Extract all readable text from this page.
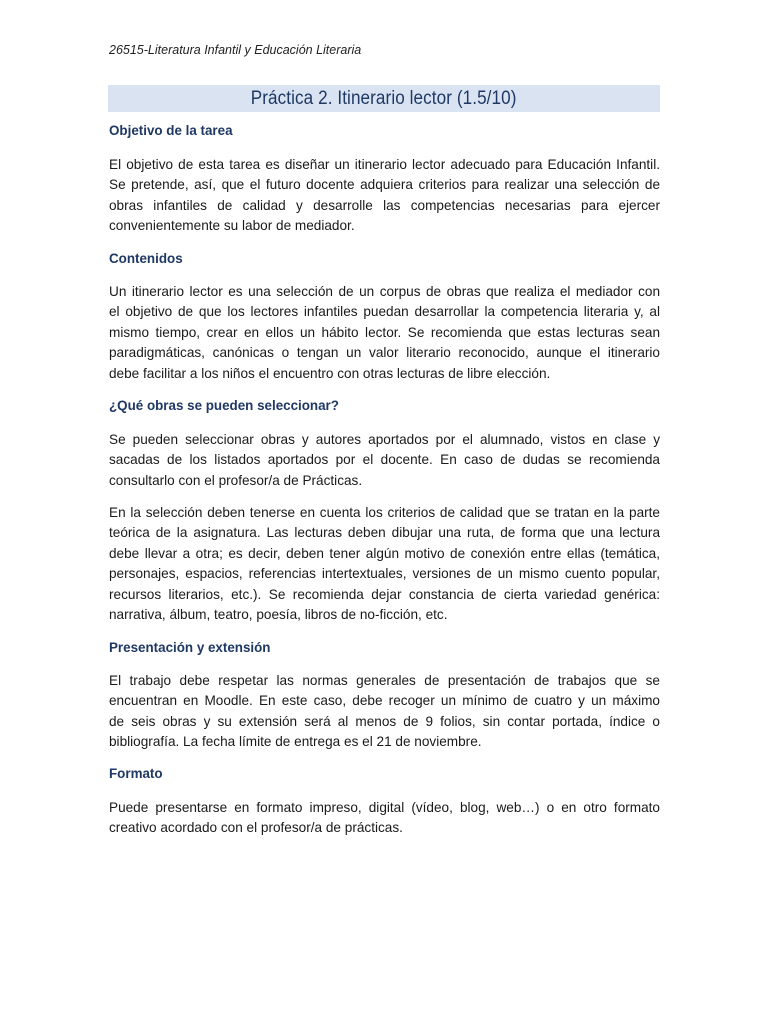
26515-Literatura Infantil y Educación Literaria
Práctica 2. Itinerario lector (1.5/10)
Objetivo de la tarea

El objetivo de esta tarea es diseñar un itinerario lector adecuado para Educación Infantil.
Se pretende, así, que el futuro docente adquiera criterios para realizar una selección de
obras infantiles de calidad y desarrolle las competencias necesarias para ejercer
convenientemente su labor de mediador.

Contenidos

Un itinerario lector es una selección de un corpus de obras que realiza el mediador con
el objetivo de que los lectores infantiles puedan desarrollar la competencia literaria y, al
mismo tiempo, crear en ellos un hábito lector. Se recomienda que estas lecturas sean
paradigmáticas, canónicas o tengan un valor literario reconocido, aunque el itinerario
debe facilitar a los niños el encuentro con otras lecturas de libre elección.

¿Qué obras se pueden seleccionar?

Se pueden seleccionar obras y autores aportados por el alumnado, vistos en clase y
sacadas de los listados aportados por el docente. En caso de dudas se recomienda
consultarlo con el profesor/a de Prácticas.

En la selección deben tenerse en cuenta los criterios de calidad que se tratan en la parte
teórica de la asignatura. Las lecturas deben dibujar una ruta, de forma que una lectura
debe llevar a otra; es decir, deben tener algún motivo de conexión entre ellas (temática,
personajes, espacios, referencias intertextuales, versiones de un mismo cuento popular,
recursos literarios, etc.). Se recomienda dejar constancia de cierta variedad genérica:
narrativa, álbum, teatro, poesía, libros de no-ficción, etc.

Presentación y extensión

El trabajo debe respetar las normas generales de presentación de trabajos que se
encuentran en Moodle. En este caso, debe recoger un mínimo de cuatro y un máximo
de seis obras y su extensión será al menos de 9 folios, sin contar portada, índice o
bibliografía. La fecha límite de entrega es el 21 de noviembre.

Formato

Puede presentarse en formato impreso, digital (vídeo, blog, web…) o en otro formato
creativo acordado con el profesor/a de prácticas.
